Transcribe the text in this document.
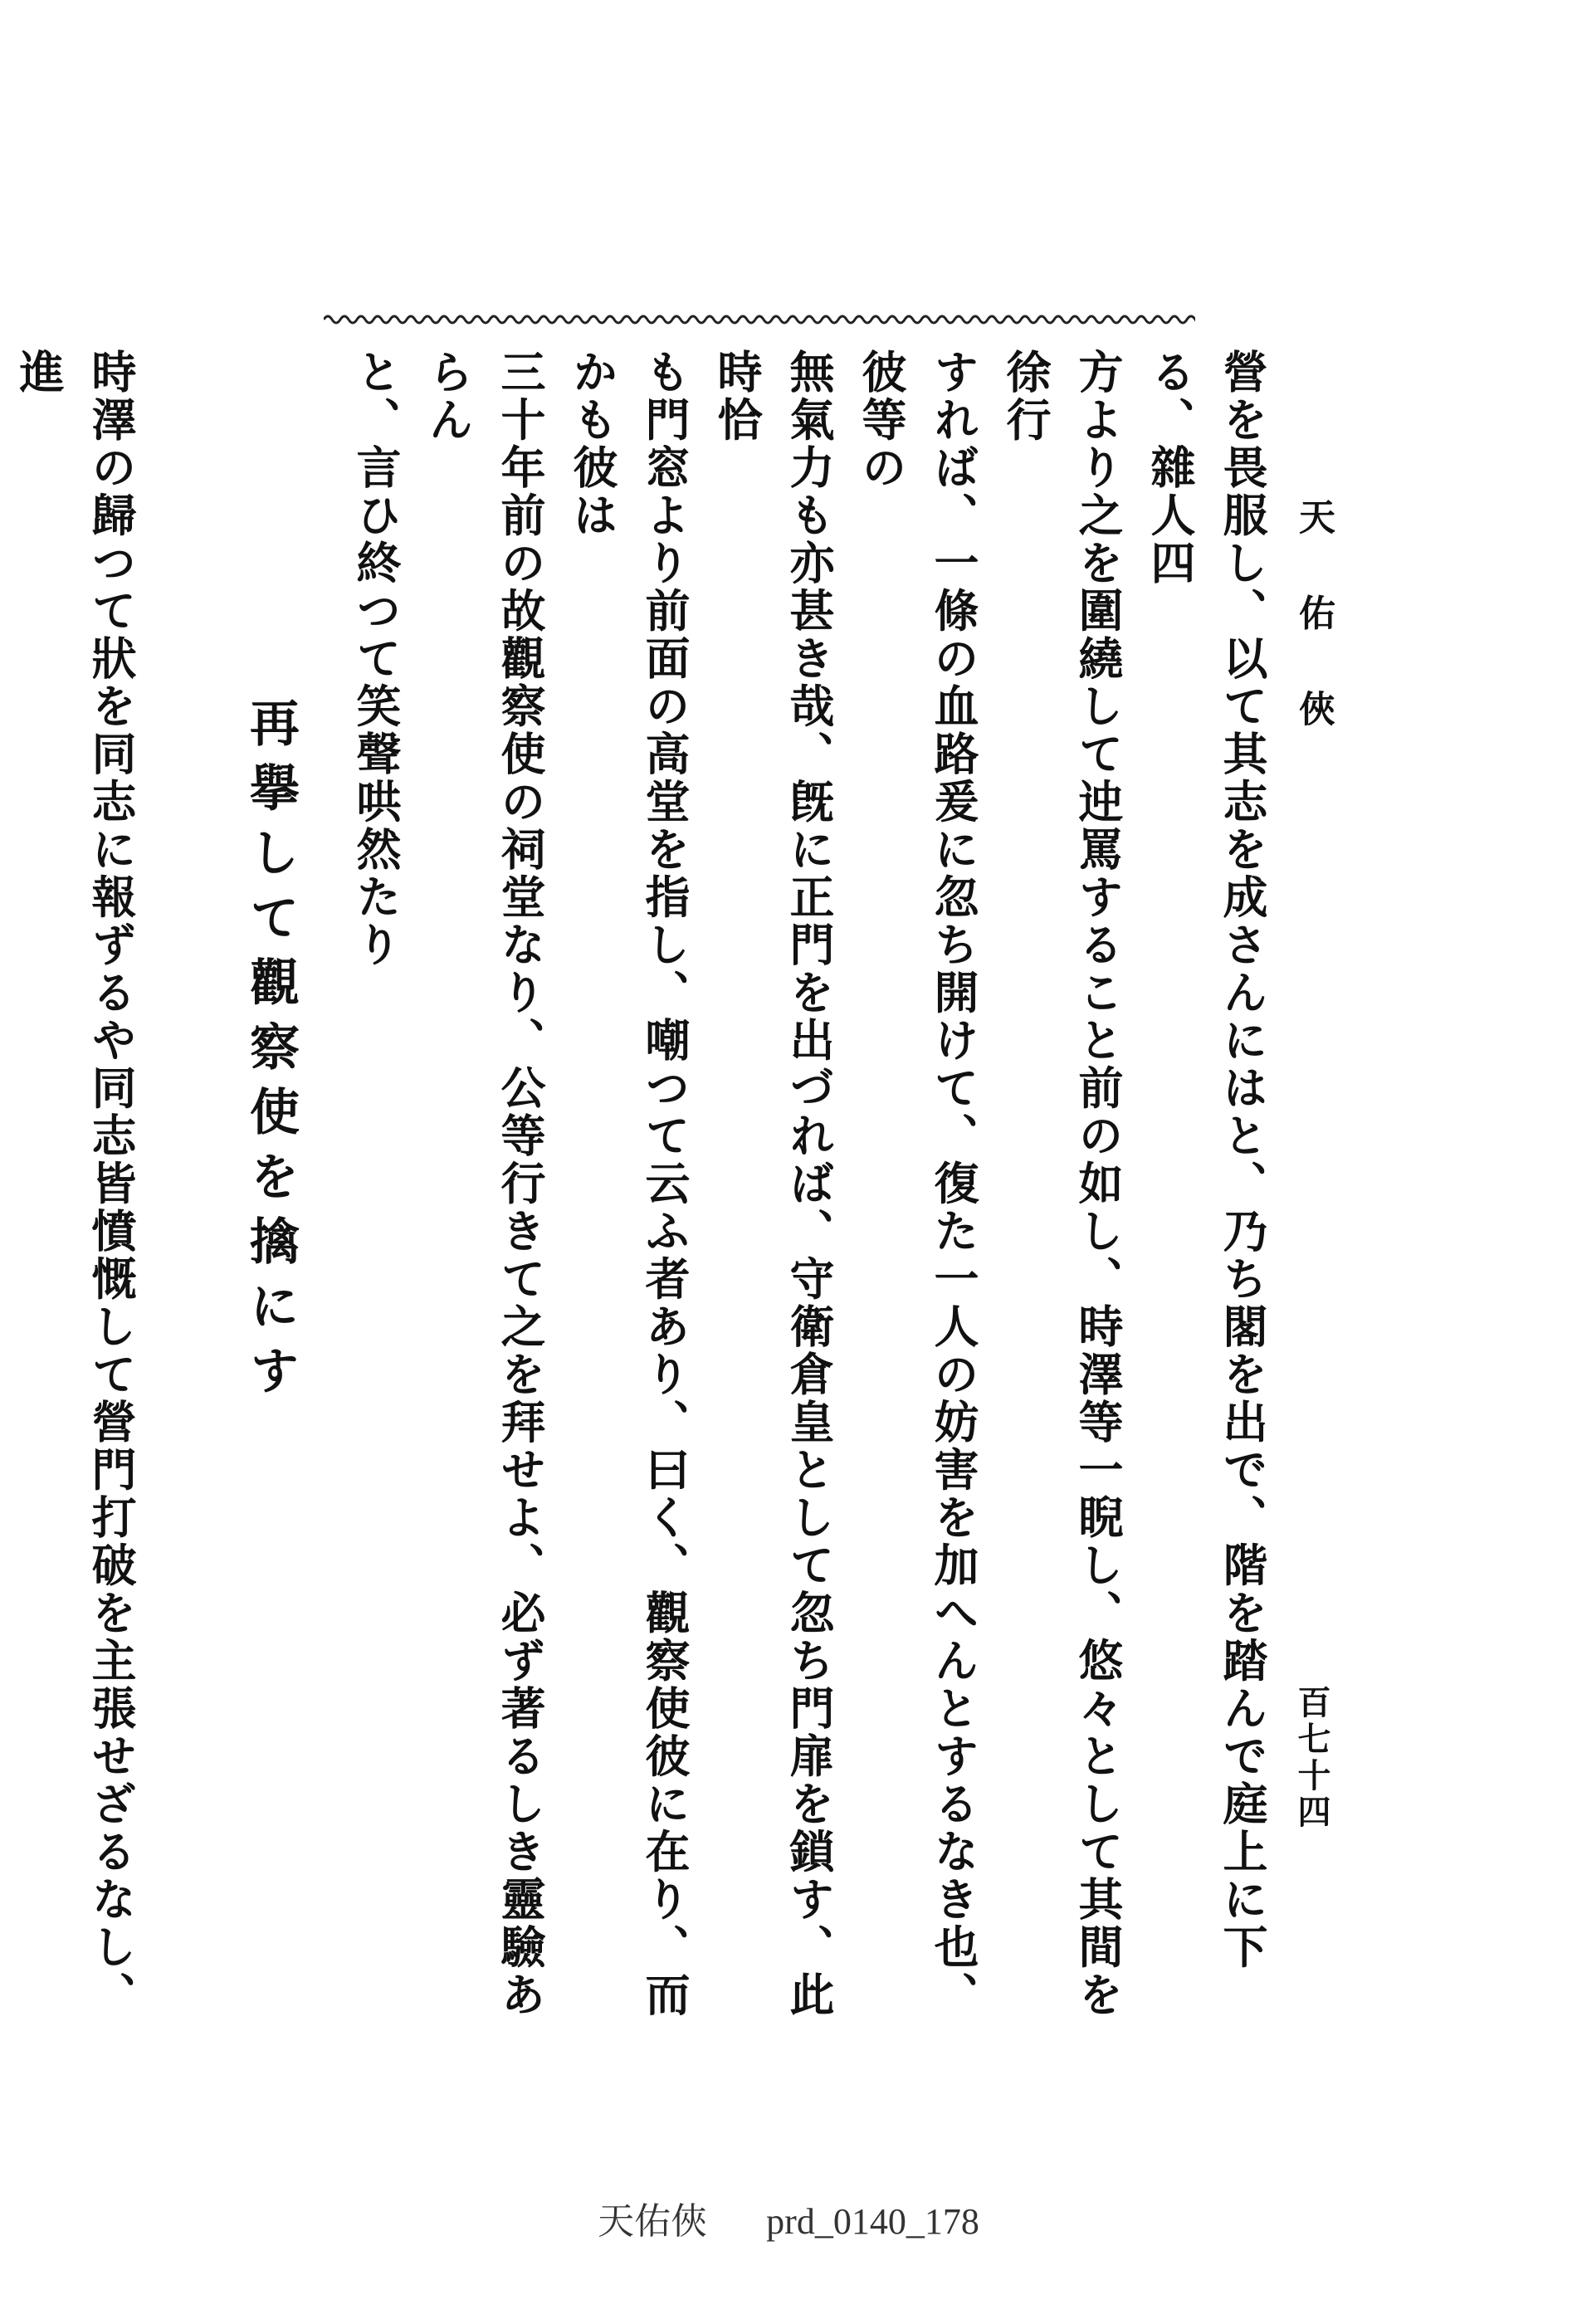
天 佑 俠
營を畏服し、以て其志を成さんにはと、乃ち閣を出で、階を踏んで庭上に下る、雜人四
方より之を圍繞して迚罵すること前の如し、時澤等一睨し、悠々として其間を徐行
すれば、一條の血路爰に忽ち開けて、復た一人の妨害を加へんとするなき也、彼等の
無氣力も亦甚き哉、旣に正門を出づれば、守衛倉皇として忽ち門扉を鎖す、此時恰
も門窓より前面の高堂を指し、嘲つて云ふ者あり、曰く、觀察使彼に在り、而かも彼は
三十年前の故觀察使の祠堂なり、公等行きて之を拜せよ、必ず著るしき靈驗あらん
と、言ひ終つて笑聲哄然たり
再擧して觀察使を擒にす
時澤の歸つて狀を同志に報ずるや同志皆憤慨して營門打破を主張せざるなし、進
百七十四
天佑俠 prd_0140_178
